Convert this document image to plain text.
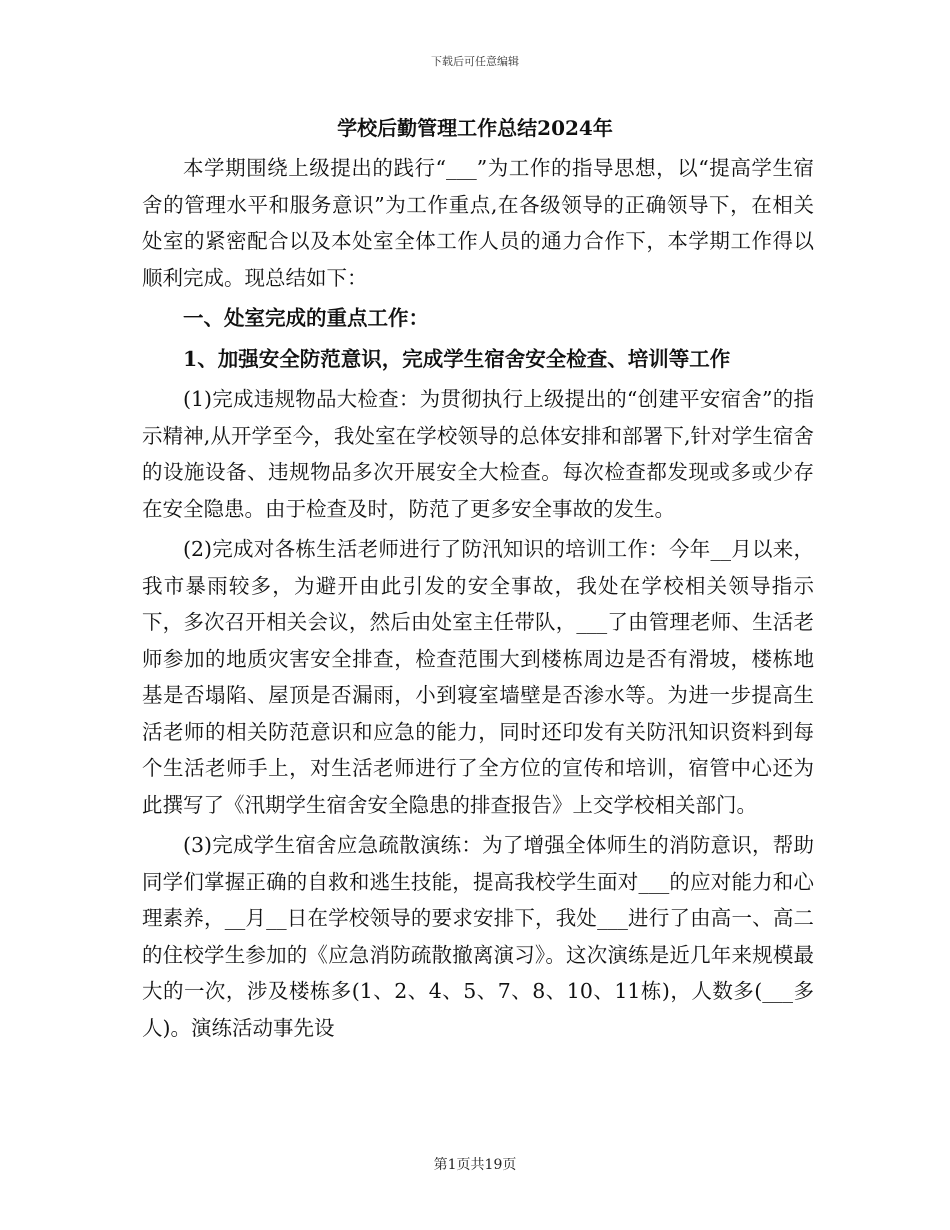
下载后可任意编辑
学校后勤管理工作总结2024年

本学期围绕上级提出的践行“___”为工作的指导思想，以“提高学生宿舍的管理水平和服务意识”为工作重点,在各级领导的正确领导下，在相关处室的紧密配合以及本处室全体工作人员的通力合作下，本学期工作得以顺利完成。现总结如下：

一、处室完成的重点工作：

1、加强安全防范意识，完成学生宿舍安全检查、培训等工作

(1)完成违规物品大检查：为贯彻执行上级提出的“创建平安宿舍”的指示精神,从开学至今，我处室在学校领导的总体安排和部署下,针对学生宿舍的设施设备、违规物品多次开展安全大检查。每次检查都发现或多或少存在安全隐患。由于检查及时，防范了更多安全事故的发生。

(2)完成对各栋生活老师进行了防汛知识的培训工作：今年__月以来，我市暴雨较多，为避开由此引发的安全事故，我处在学校相关领导指示下，多次召开相关会议，然后由处室主任带队，___了由管理老师、生活老师参加的地质灾害安全排查，检查范围大到楼栋周边是否有滑坡，楼栋地基是否塌陷、屋顶是否漏雨，小到寝室墙壁是否渗水等。为进一步提高生活老师的相关防范意识和应急的能力，同时还印发有关防汛知识资料到每个生活老师手上，对生活老师进行了全方位的宣传和培训，宿管中心还为此撰写了《汛期学生宿舍安全隐患的排查报告》上交学校相关部门。

(3)完成学生宿舍应急疏散演练：为了增强全体师生的消防意识，帮助同学们掌握正确的自救和逃生技能，提高我校学生面对___的应对能力和心理素养，__月__日在学校领导的要求安排下，我处___进行了由高一、高二的住校学生参加的《应急消防疏散撤离演习》。这次演练是近几年来规模最大的一次，涉及楼栋多(1、2、4、5、7、8、10、11栋)，人数多(___多人)。演练活动事先设

第1页共19页
